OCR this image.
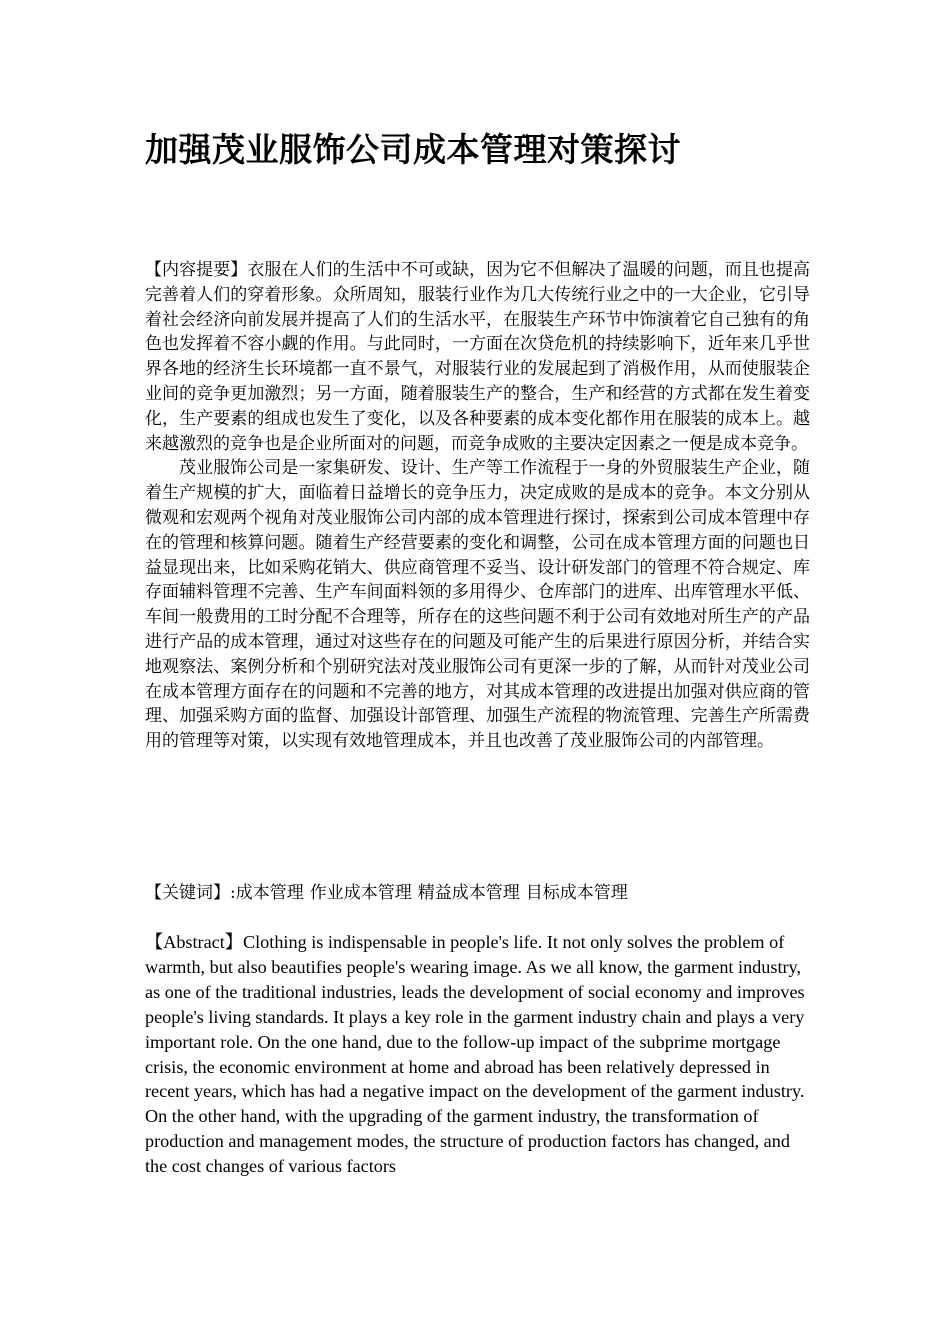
加强茂业服饰公司成本管理对策探讨

【内容提要】衣服在人们的生活中不可或缺，因为它不但解决了温暖的问题，而且也提高完善着人们的穿着形象。众所周知，服装行业作为几大传统行业之中的一大企业，它引导着社会经济向前发展并提高了人们的生活水平，在服装生产环节中饰演着它自己独有的角色也发挥着不容小觑的作用。与此同时，一方面在次贷危机的持续影响下，近年来几乎世界各地的经济生长环境都一直不景气，对服装行业的发展起到了消极作用，从而使服装企业间的竞争更加激烈；另一方面，随着服装生产的整合，生产和经营的方式都在发生着变化，生产要素的组成也发生了变化，以及各种要素的成本变化都作用在服装的成本上。越来越激烈的竞争也是企业所面对的问题，而竞争成败的主要决定因素之一便是成本竞争。

茂业服饰公司是一家集研发、设计、生产等工作流程于一身的外贸服装生产企业，随着生产规模的扩大，面临着日益增长的竞争压力，决定成败的是成本的竞争。本文分别从微观和宏观两个视角对茂业服饰公司内部的成本管理进行探讨，探索到公司成本管理中存在的管理和核算问题。随着生产经营要素的变化和调整，公司在成本管理方面的问题也日益显现出来，比如采购花销大、供应商管理不妥当、设计研发部门的管理不符合规定、库存面辅料管理不完善、生产车间面料领的多用得少、仓库部门的进库、出库管理水平低、车间一般费用的工时分配不合理等，所存在的这些问题不利于公司有效地对所生产的产品进行产品的成本管理，通过对这些存在的问题及可能产生的后果进行原因分析，并结合实地观察法、案例分析和个别研究法对茂业服饰公司有更深一步的了解，从而针对茂业公司在成本管理方面存在的问题和不完善的地方，对其成本管理的改进提出加强对供应商的管理、加强采购方面的监督、加强设计部管理、加强生产流程的物流管理、完善生产所需费用的管理等对策，以实现有效地管理成本，并且也改善了茂业服饰公司的内部管理。

【关键词】:成本管理 作业成本管理 精益成本管理 目标成本管理

【Abstract】Clothing is indispensable in people's life. It not only solves the problem of warmth, but also beautifies people's wearing image. As we all know, the garment industry, as one of the traditional industries, leads the development of social economy and improves people's living standards. It plays a key role in the garment industry chain and plays a very important role. On the one hand, due to the follow-up impact of the subprime mortgage crisis, the economic environment at home and abroad has been relatively depressed in recent years, which has had a negative impact on the development of the garment industry. On the other hand, with the upgrading of the garment industry, the transformation of production and management modes, the structure of production factors has changed, and the cost changes of various factors
